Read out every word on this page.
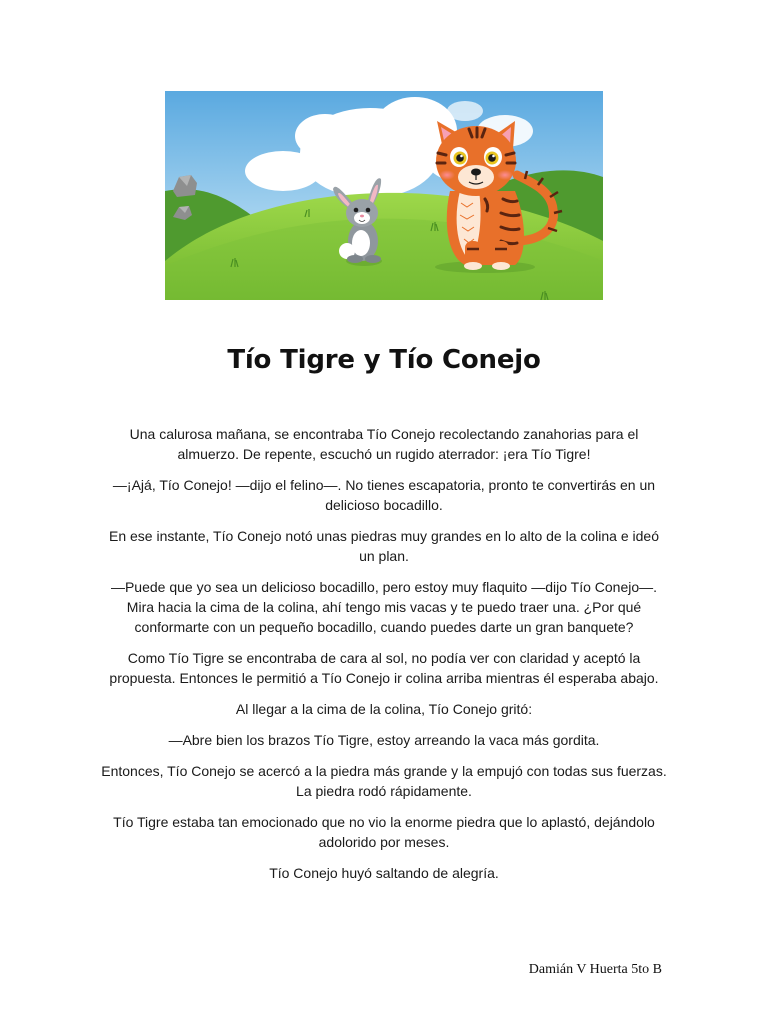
Tío Tigre y Tío Conejo

Una calurosa mañana, se encontraba Tío Conejo recolectando zanahorias para el almuerzo. De repente, escuchó un rugido aterrador: ¡era Tío Tigre!

—¡Ajá, Tío Conejo! —dijo el felino—. No tienes escapatoria, pronto te convertirás en un delicioso bocadillo.

En ese instante, Tío Conejo notó unas piedras muy grandes en lo alto de la colina e ideó un plan.

—Puede que yo sea un delicioso bocadillo, pero estoy muy flaquito —dijo Tío Conejo—. Mira hacia la cima de la colina, ahí tengo mis vacas y te puedo traer una. ¿Por qué conformarte con un pequeño bocadillo, cuando puedes darte un gran banquete?

Como Tío Tigre se encontraba de cara al sol, no podía ver con claridad y aceptó la propuesta. Entonces le permitió a Tío Conejo ir colina arriba mientras él esperaba abajo.

Al llegar a la cima de la colina, Tío Conejo gritó:

—Abre bien los brazos Tío Tigre, estoy arreando la vaca más gordita.

Entonces, Tío Conejo se acercó a la piedra más grande y la empujó con todas sus fuerzas. La piedra rodó rápidamente.

Tío Tigre estaba tan emocionado que no vio la enorme piedra que lo aplastó, dejándolo adolorido por meses.

Tío Conejo huyó saltando de alegría.

Damián V Huerta 5to B
